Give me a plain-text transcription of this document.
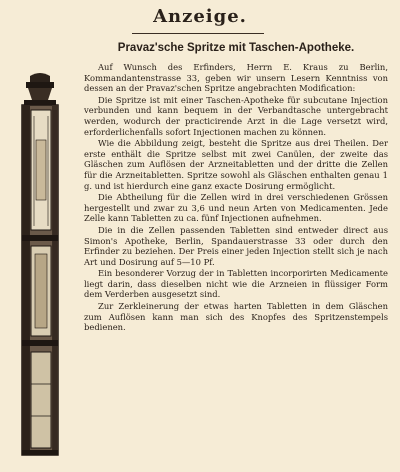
Anzeige.
Pravaz'sche Spritze mit Taschen-Apotheke.

Auf Wunsch des Erfinders, Herrn E. Kraus zu Berlin, Kommandantenstrasse 33, geben wir unsern Lesern Kenntniss von dessen an der Pravaz'schen Spritze angebrachten Modification:

Die Spritze ist mit einer Taschen-Apotheke für subcutane Injection verbunden und kann bequem in der Verbandtasche untergebracht werden, wodurch der practicirende Arzt in die Lage versetzt wird, erforderlichenfalls sofort Injectionen machen zu können.

Wie die Abbildung zeigt, besteht die Spritze aus drei Theilen. Der erste enthält die Spritze selbst mit zwei Canülen, der zweite das Gläschen zum Auflösen der Arzneitabletten und der dritte die Zellen für die Arzneitabletten. Spritze sowohl als Gläschen enthalten genau 1 g. und ist hierdurch eine ganz exacte Dosirung ermöglicht.

Die Abtheilung für die Zellen wird in drei verschiedenen Grössen hergestellt und zwar zu 3,6 und neun Arten von Medicamenten. Jede Zelle kann Tabletten zu ca. fünf Injectionen aufnehmen.

Die in die Zellen passenden Tabletten sind entweder direct aus Simon's Apotheke, Berlin, Spandauerstrasse 33 oder durch den Erfinder zu beziehen. Der Preis einer jeden Injection stellt sich je nach Art und Dosirung auf 5—10 Pf.

Ein besonderer Vorzug der in Tabletten incorporirten Medicamente liegt darin, dass dieselben nicht wie die Arzneien in flüssiger Form dem Verderben ausgesetzt sind.

Zur Zerkleinerung der etwas harten Tabletten in dem Gläschen zum Auflösen kann man sich des Knopfes des Spritzenstempels bedienen.
